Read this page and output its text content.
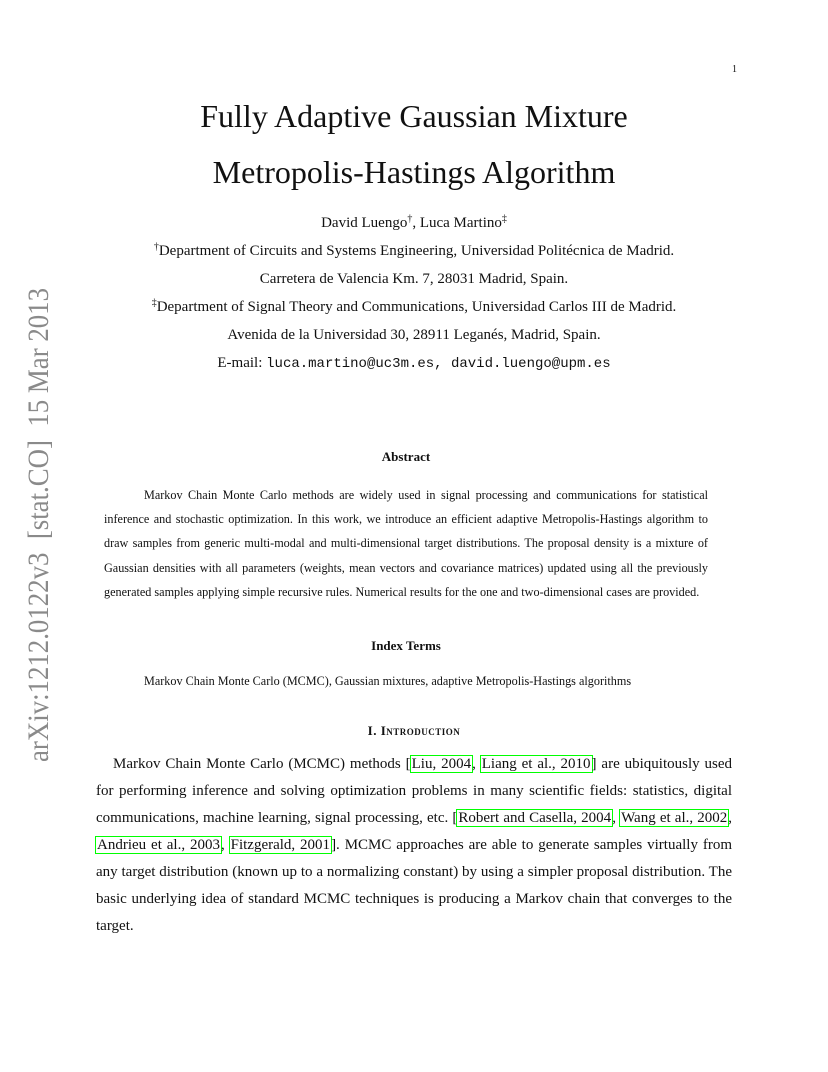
1
arXiv:1212.0122v3  [stat.CO]  15 Mar 2013
Fully Adaptive Gaussian Mixture
Metropolis-Hastings Algorithm
David Luengo†, Luca Martino‡
†Department of Circuits and Systems Engineering, Universidad Politécnica de Madrid.
Carretera de Valencia Km. 7, 28031 Madrid, Spain.
‡Department of Signal Theory and Communications, Universidad Carlos III de Madrid.
Avenida de la Universidad 30, 28911 Leganés, Madrid, Spain.
E-mail: luca.martino@uc3m.es, david.luengo@upm.es
Abstract

Markov Chain Monte Carlo methods are widely used in signal processing and communications for statistical inference and stochastic optimization. In this work, we introduce an efficient adaptive Metropolis-Hastings algorithm to draw samples from generic multi-modal and multi-dimensional target distributions. The proposal density is a mixture of Gaussian densities with all parameters (weights, mean vectors and covariance matrices) updated using all the previously generated samples applying simple recursive rules. Numerical results for the one and two-dimensional cases are provided.

Index Terms

Markov Chain Monte Carlo (MCMC), Gaussian mixtures, adaptive Metropolis-Hastings algorithms

I. Introduction

Markov Chain Monte Carlo (MCMC) methods [Liu, 2004, Liang et al., 2010] are ubiquitously used for performing inference and solving optimization problems in many scientific fields: statistics, digital communications, machine learning, signal processing, etc. [Robert and Casella, 2004, Wang et al., 2002, Andrieu et al., 2003, Fitzgerald, 2001]. MCMC approaches are able to generate samples virtually from any target distribution (known up to a normalizing constant) by using a simpler proposal distribution. The basic underlying idea of standard MCMC techniques is producing a Markov chain that converges to the target.
